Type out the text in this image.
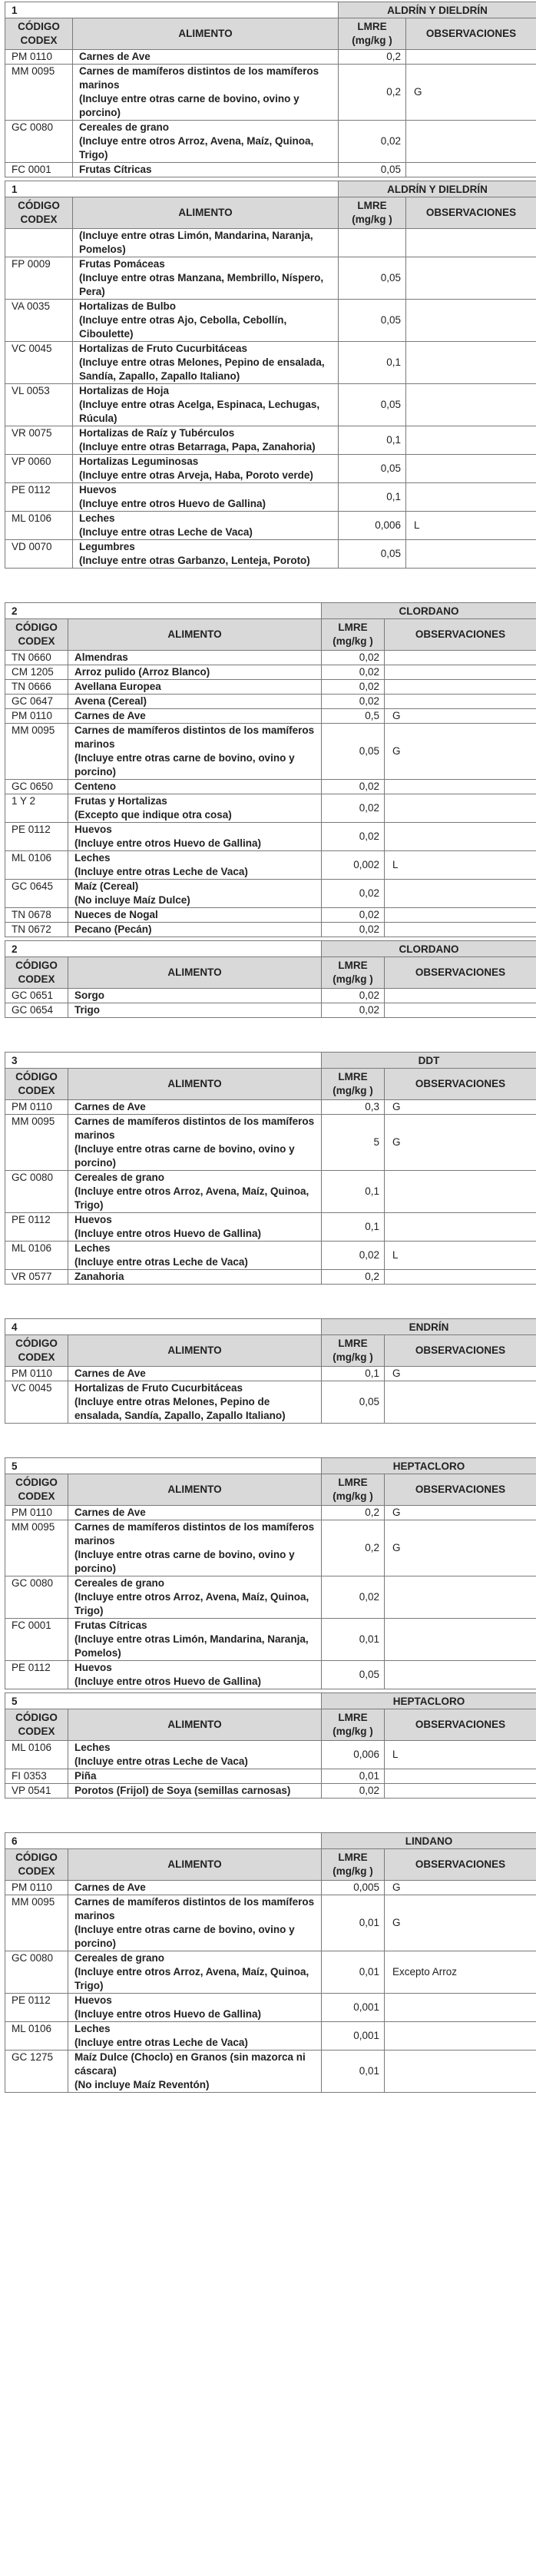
1		ALDRÍN Y DIELDRÍN	
CÓDIGO CODEX	ALIMENTO	LMRE (mg/kg )	OBSERVACIONES
PM 0110	Carnes de Ave	0,2	
MM 0095	Carnes de mamíferos distintos de los mamíferos marinos
(Incluye entre otras carne de bovino, ovino y porcino)	0,2	G
GC 0080	Cereales de grano
(Incluye entre otros Arroz, Avena, Maíz, Quinoa, Trigo)	0,02	
FC 0001	Frutas Cítricas	0,05	
1		ALDRÍN Y DIELDRÍN	
CÓDIGO CODEX	ALIMENTO	LMRE (mg/kg )	OBSERVACIONES
	(Incluye entre otras Limón, Mandarina, Naranja, Pomelos)		
FP 0009	Frutas Pomáceas
(Incluye entre otras Manzana, Membrillo, Níspero, Pera)	0,05	
VA 0035	Hortalizas de Bulbo
(Incluye entre otras Ajo, Cebolla, Cebollín, Ciboulette)	0,05	
VC 0045	Hortalizas de Fruto Cucurbitáceas
(Incluye entre otras Melones, Pepino de ensalada, Sandía, Zapallo, Zapallo Italiano)	0,1	
VL 0053	Hortalizas de Hoja
(Incluye entre otras Acelga, Espinaca, Lechugas, Rúcula)	0,05	
VR 0075	Hortalizas de Raíz y Tubérculos
(Incluye entre otras Betarraga, Papa, Zanahoria)	0,1	
VP 0060	Hortalizas Leguminosas
(Incluye entre otras Arveja, Haba, Poroto verde)	0,05	
PE 0112	Huevos
(Incluye entre otros Huevo de Gallina)	0,1	
ML 0106	Leches
(Incluye entre otras Leche de Vaca)	0,006	L
VD 0070	Legumbres
(Incluye entre otras Garbanzo, Lenteja, Poroto)	0,05	
2		CLORDANO	
CÓDIGO CODEX	ALIMENTO	LMRE (mg/kg )	OBSERVACIONES
TN 0660	Almendras	0,02	
CM 1205	Arroz pulido (Arroz Blanco)	0,02	
TN 0666	Avellana Europea	0,02	
GC 0647	Avena (Cereal)	0,02	
PM 0110	Carnes de Ave	0,5	G
MM 0095	Carnes de mamíferos distintos de los mamíferos marinos
(Incluye entre otras carne de bovino, ovino y porcino)	0,05	G
GC 0650	Centeno	0,02	
1 Y 2	Frutas y Hortalizas
(Excepto que indique otra cosa)	0,02	
PE 0112	Huevos
(Incluye entre otros Huevo de Gallina)	0,02	
ML 0106	Leches
(Incluye entre otras Leche de Vaca)	0,002	L
GC 0645	Maíz (Cereal)
(No incluye Maíz Dulce)	0,02	
TN 0678	Nueces de Nogal	0,02	
TN 0672	Pecano (Pecán)	0,02	
2		CLORDANO	
CÓDIGO CODEX	ALIMENTO	LMRE (mg/kg )	OBSERVACIONES
GC 0651	Sorgo	0,02	
GC 0654	Trigo	0,02	
3		DDT	
CÓDIGO CODEX	ALIMENTO	LMRE (mg/kg )	OBSERVACIONES
PM 0110	Carnes de Ave	0,3	G
MM 0095	Carnes de mamíferos distintos de los mamíferos marinos
(Incluye entre otras carne de bovino, ovino y porcino)	5	G
GC 0080	Cereales de grano
(Incluye entre otros Arroz, Avena, Maíz, Quinoa, Trigo)	0,1	
PE 0112	Huevos
(Incluye entre otros Huevo de Gallina)	0,1	
ML 0106	Leches
(Incluye entre otras Leche de Vaca)	0,02	L
VR 0577	Zanahoria	0,2	
4		ENDRÍN	
CÓDIGO CODEX	ALIMENTO	LMRE (mg/kg )	OBSERVACIONES
PM 0110	Carnes de Ave	0,1	G
VC 0045	Hortalizas de Fruto Cucurbitáceas
(Incluye entre otras Melones, Pepino de ensalada, Sandía, Zapallo, Zapallo Italiano)	0,05	
5		HEPTACLORO	
CÓDIGO CODEX	ALIMENTO	LMRE (mg/kg )	OBSERVACIONES
PM 0110	Carnes de Ave	0,2	G
MM 0095	Carnes de mamíferos distintos de los mamíferos marinos
(Incluye entre otras carne de bovino, ovino y porcino)	0,2	G
GC 0080	Cereales de grano
(Incluye entre otros Arroz, Avena, Maíz, Quinoa, Trigo)	0,02	
FC 0001	Frutas Cítricas
(Incluye entre otras Limón, Mandarina, Naranja, Pomelos)	0,01	
PE 0112	Huevos
(Incluye entre otros Huevo de Gallina)	0,05	
5		HEPTACLORO	
CÓDIGO CODEX	ALIMENTO	LMRE (mg/kg )	OBSERVACIONES
ML 0106	Leches
(Incluye entre otras Leche de Vaca)	0,006	L
FI 0353	Piña	0,01	
VP 0541	Porotos (Frijol) de Soya (semillas carnosas)	0,02	
6		LINDANO	
CÓDIGO CODEX	ALIMENTO	LMRE (mg/kg )	OBSERVACIONES
PM 0110	Carnes de Ave	0,005	G
MM 0095	Carnes de mamíferos distintos de los mamíferos marinos
(Incluye entre otras carne de bovino, ovino y porcino)	0,01	G
GC 0080	Cereales de grano
(Incluye entre otros Arroz, Avena, Maíz, Quinoa, Trigo)	0,01	Excepto Arroz
PE 0112	Huevos
(Incluye entre otros Huevo de Gallina)	0,001	
ML 0106	Leches
(Incluye entre otras Leche de Vaca)	0,001	
GC 1275	Maíz Dulce (Choclo) en Granos (sin mazorca ni cáscara)
(No incluye Maíz Reventón)	0,01	
